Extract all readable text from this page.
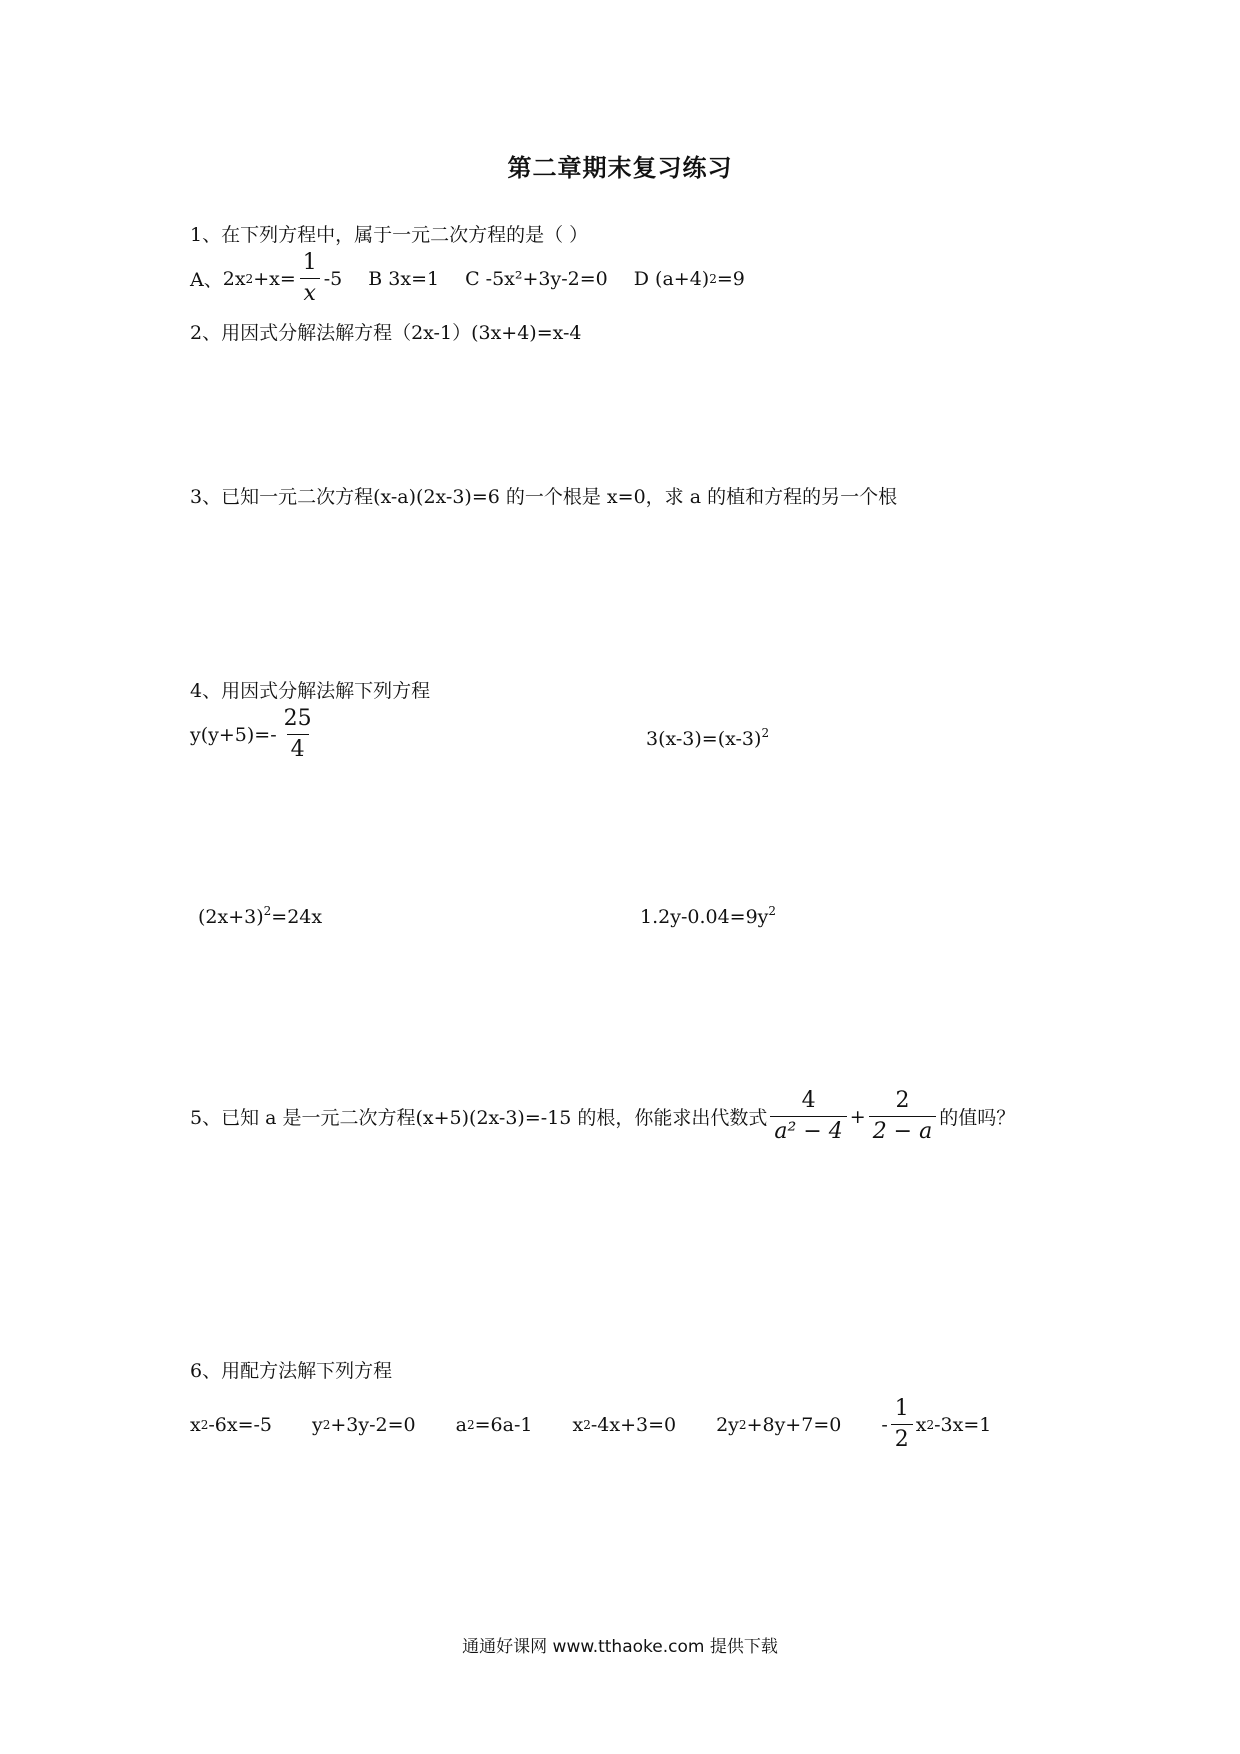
第二章期末复习练习
1、在下列方程中，属于一元二次方程的是（ ）
A、 2x $2 +x= \frac{1}{x} -5$ B 3x=1 C -5x²+3y-2=0 D (a+4) 2 =9
2、用因式分解法解方程（2x-1）(3x+4)=x-4
3、已知一元二次方程(x-a)(2x-3)=6 的一个根是 x=0，求 a 的植和方程的另一个根
4、用因式分解法解下列方程
$y(y+5)=- \frac{25}{4}$	$3(x-3)=(x-3)^2$
$(2x+3)^2=24x$	$1.2y-0.04=9y^2$
5、已知 a 是一元二次方程(x+5)(2x-3)=-15 的根，你能求出代数式 $\frac{4}{\text{a² − 4}} + \frac{2}{2 - a}$ 的值吗？
6、用配方法解下列方程
x 2 -6x=-5 y 2 +3y-2=0 a 2 =6a-1 x 2 -4x+3=0 2y $2 +8y+7=0 - \frac{1}{2}$ x 2 -3x=1
通通好课网 www.tthaoke.com 提供下载
